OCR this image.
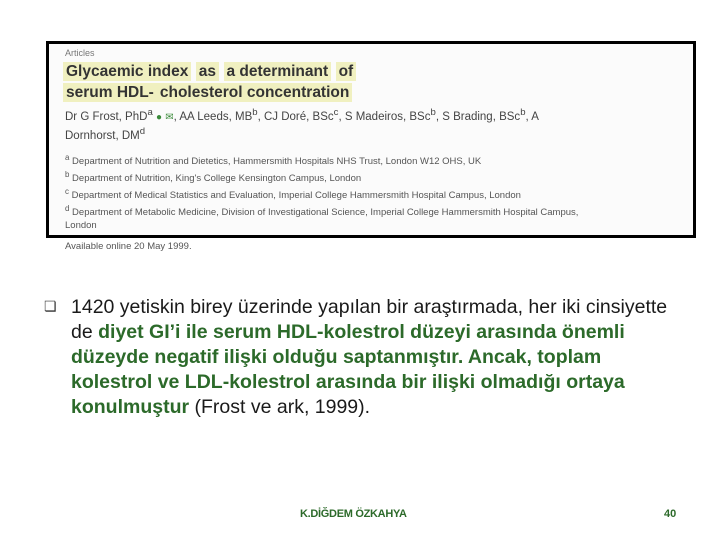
Articles
Glycaemic index as a determinant of
serum HDL- cholesterol concentration
Dr G Frost, PhD$^a$ ● ✉, AA Leeds, $MB^b$, CJ Doré, BSc$^c$, S Madeiros, BSc$^b$, S Brading, BSc$^b$, A
Dornhorst, $DM^d$
$^a$ Department of Nutrition and Dietetics, Hammersmith Hospitals NHS Trust, London W12 OHS, UK
$^b$ Department of Nutrition, King's College Kensington Campus, London
$^c$ Department of Medical Statistics and Evaluation, Imperial College Hammersmith Hospital Campus, London
$^d$ Department of Metabolic Medicine, Division of Investigational Science, Imperial College Hammersmith Hospital Campus,
London
Available online 20 May 1999.
❏ 1420 yetiskin birey üzerinde yapılan bir araştırmada, her iki cinsiyette de diyet GI’i ile serum HDL-kolestrol düzeyi arasında önemli düzeyde negatif ilişki olduğu saptanmıştır. Ancak, toplam kolestrol ve LDL-kolestrol arasında bir ilişki olmadığı ortaya konulmuştur (Frost ve ark, 1999).

K.DİĞDEM ÖZKAHYA	40
